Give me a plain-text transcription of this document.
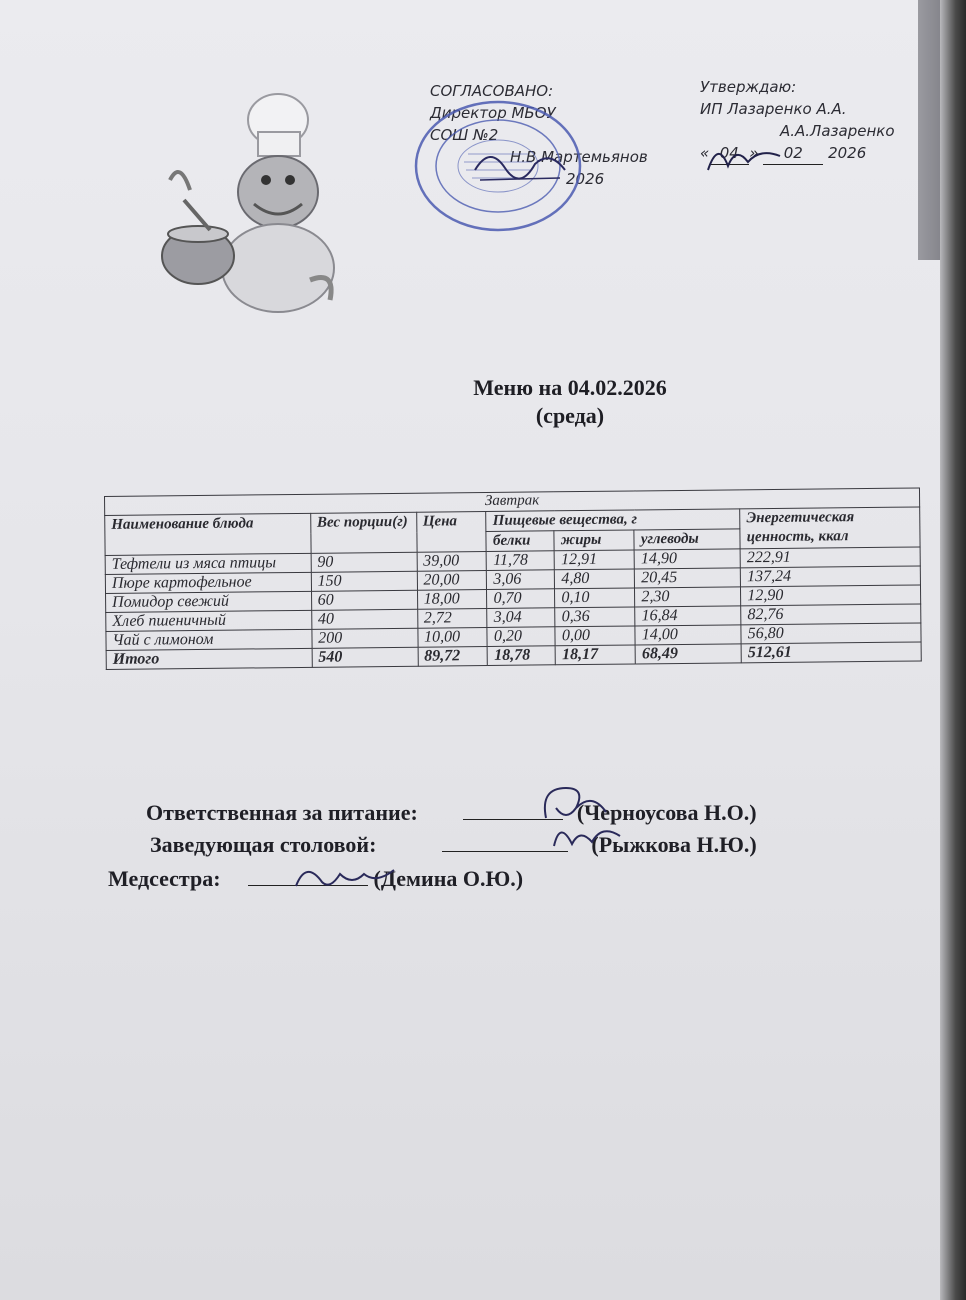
СОГЛАСОВАНО:
Директор МБОУ
СОШ №2
Н.В.Мартемьянов
2026
Утверждаю:
ИП Лазаренко А.А.
А.А.Лазаренко
« 04 » 02 2026
Меню на 04.02.2026
(среда)
Завтрак						
Наименование блюда	Вес порции(г)	Цена	Пищевые вещества, г			Энергетическая ценность, ккал
			белки	жиры	углеводы	
Тефтели из мяса птицы	90	39,00	11,78	12,91	14,90	222,91
Пюре картофельное	150	20,00	3,06	4,80	20,45	137,24
Помидор свежий	60	18,00	0,70	0,10	2,30	12,90
Хлеб пшеничный	40	2,72	3,04	0,36	16,84	82,76
Чай с лимоном	200	10,00	0,20	0,00	14,00	56,80
Итого	540	89,72	18,78	18,17	68,49	512,61
Ответственная за питание:	(Черноусова Н.О.)
Заведующая столовой:	(Рыжкова Н.Ю.)
Медсестра:	(Демина О.Ю.)
